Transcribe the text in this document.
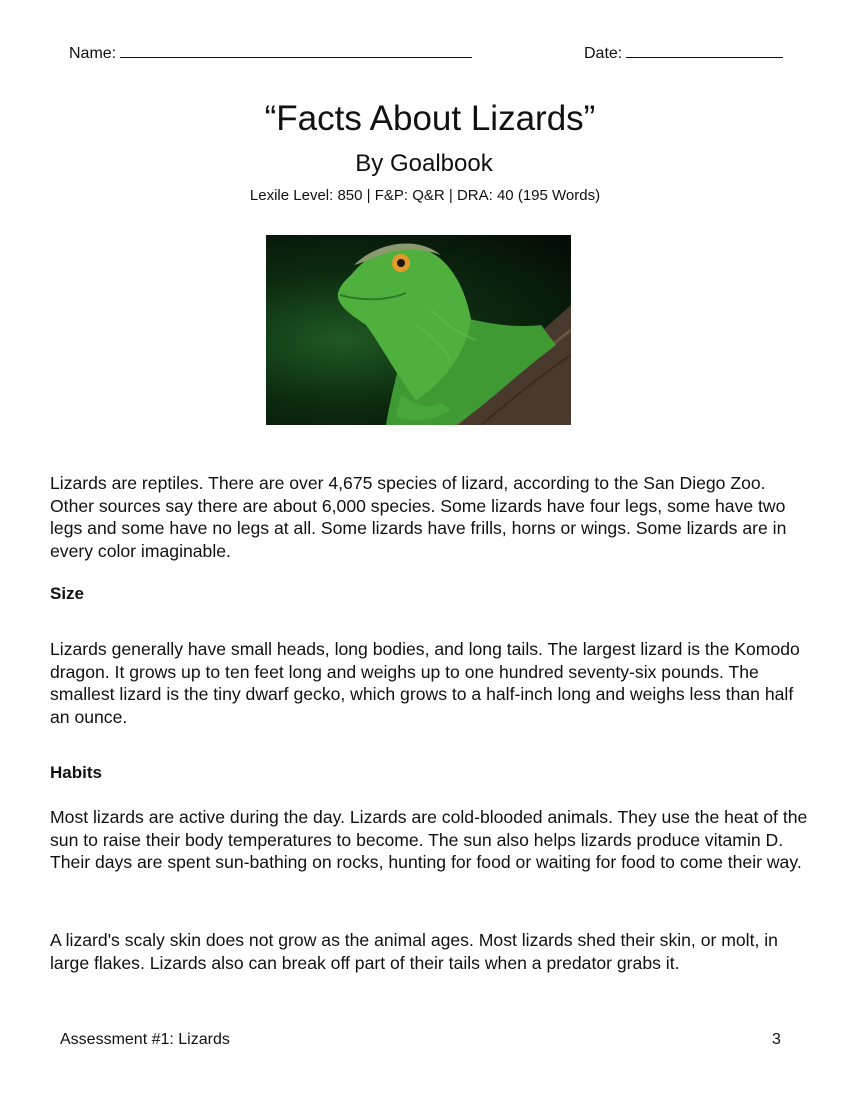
Name:	Date:
“Facts About Lizards”
By Goalbook
Lexile Level: 850 | F&P: Q&R | DRA: 40 (195 Words)

Lizards are reptiles. There are over 4,675 species of lizard, according to the San Diego Zoo. Other sources say there are about 6,000 species. Some lizards have four legs, some have two legs and some have no legs at all. Some lizards have frills, horns or wings. Some lizards are in every color imaginable.

Size

Lizards generally have small heads, long bodies, and long tails. The largest lizard is the Komodo dragon. It grows up to ten feet long and weighs up to one hundred seventy-six pounds. The smallest lizard is the tiny dwarf gecko, which grows to a half-inch long and weighs less than half an ounce.

Habits

Most lizards are active during the day. Lizards are cold-blooded animals. They use the heat of the sun to raise their body temperatures to become. The sun also helps lizards produce vitamin D. Their days are spent sun-bathing on rocks, hunting for food or waiting for food to come their way.

A lizard's scaly skin does not grow as the animal ages. Most lizards shed their skin, or molt, in large flakes. Lizards also can break off part of their tails when a predator grabs it.

Assessment #1: Lizards	3
